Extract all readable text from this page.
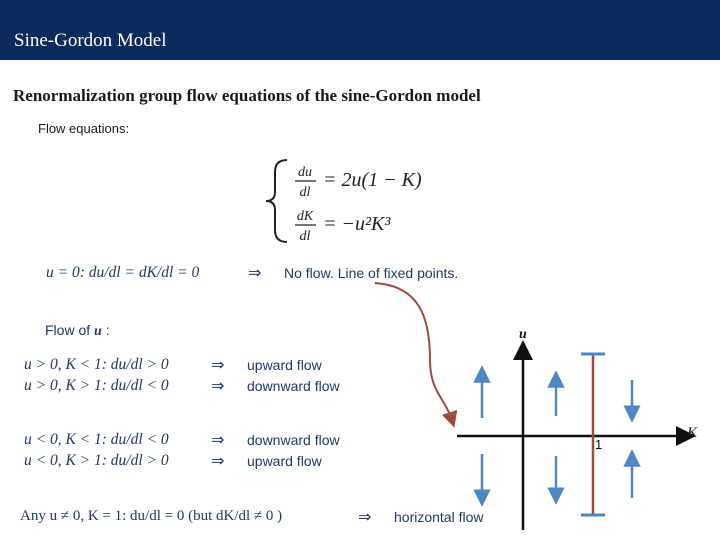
Sine-Gordon Model
Renormalization group flow equations of the sine-Gordon model
Flow equations:
du
dl
= 2u(1 − K)
dK
dl
= −u²K³
u = 0: du/dl = dK/dl = 0	⇒ No flow. Line of fixed points.
Flow of u :
u > 0, K < 1: du/dl > 0	⇒ upward flow
u > 0, K > 1: du/dl < 0	⇒ downward flow
u < 0, K < 1: du/dl < 0	⇒ downward flow
u < 0, K > 1: du/dl > 0	⇒ upward flow
Any u ≠ 0, K = 1: du/dl = 0 (but dK/dl ≠ 0 )	⇒ horizontal flow
u
K
1
